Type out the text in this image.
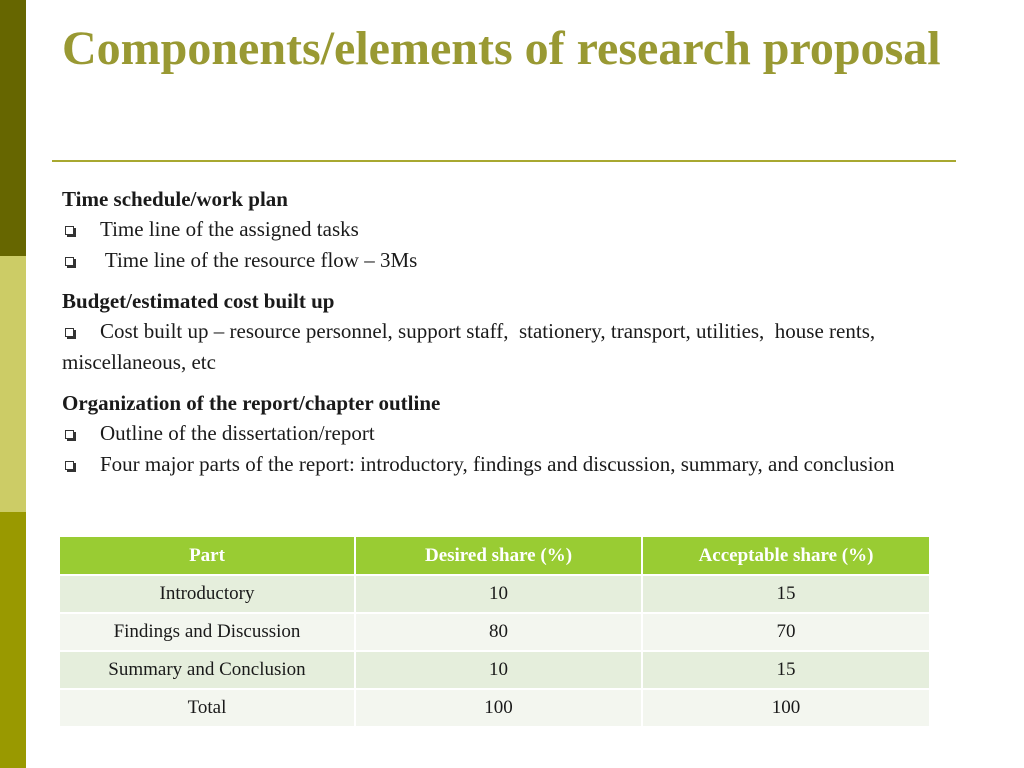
Components/elements of research proposal

Time schedule/work plan

Time line of the assigned tasks
Time line of the resource flow – 3Ms

Budget/estimated cost built up

Cost built up – resource personnel, support staff,  stationery, transport, utilities,  house rents, miscellaneous, etc

Organization of the report/chapter outline

Outline of the dissertation/report
Four major parts of the report: introductory, findings and discussion, summary, and conclusion
Part	Desired share (%)	Acceptable share (%)
Introductory	10	15
Findings and Discussion	80	70
Summary and Conclusion	10	15
Total	100	100
